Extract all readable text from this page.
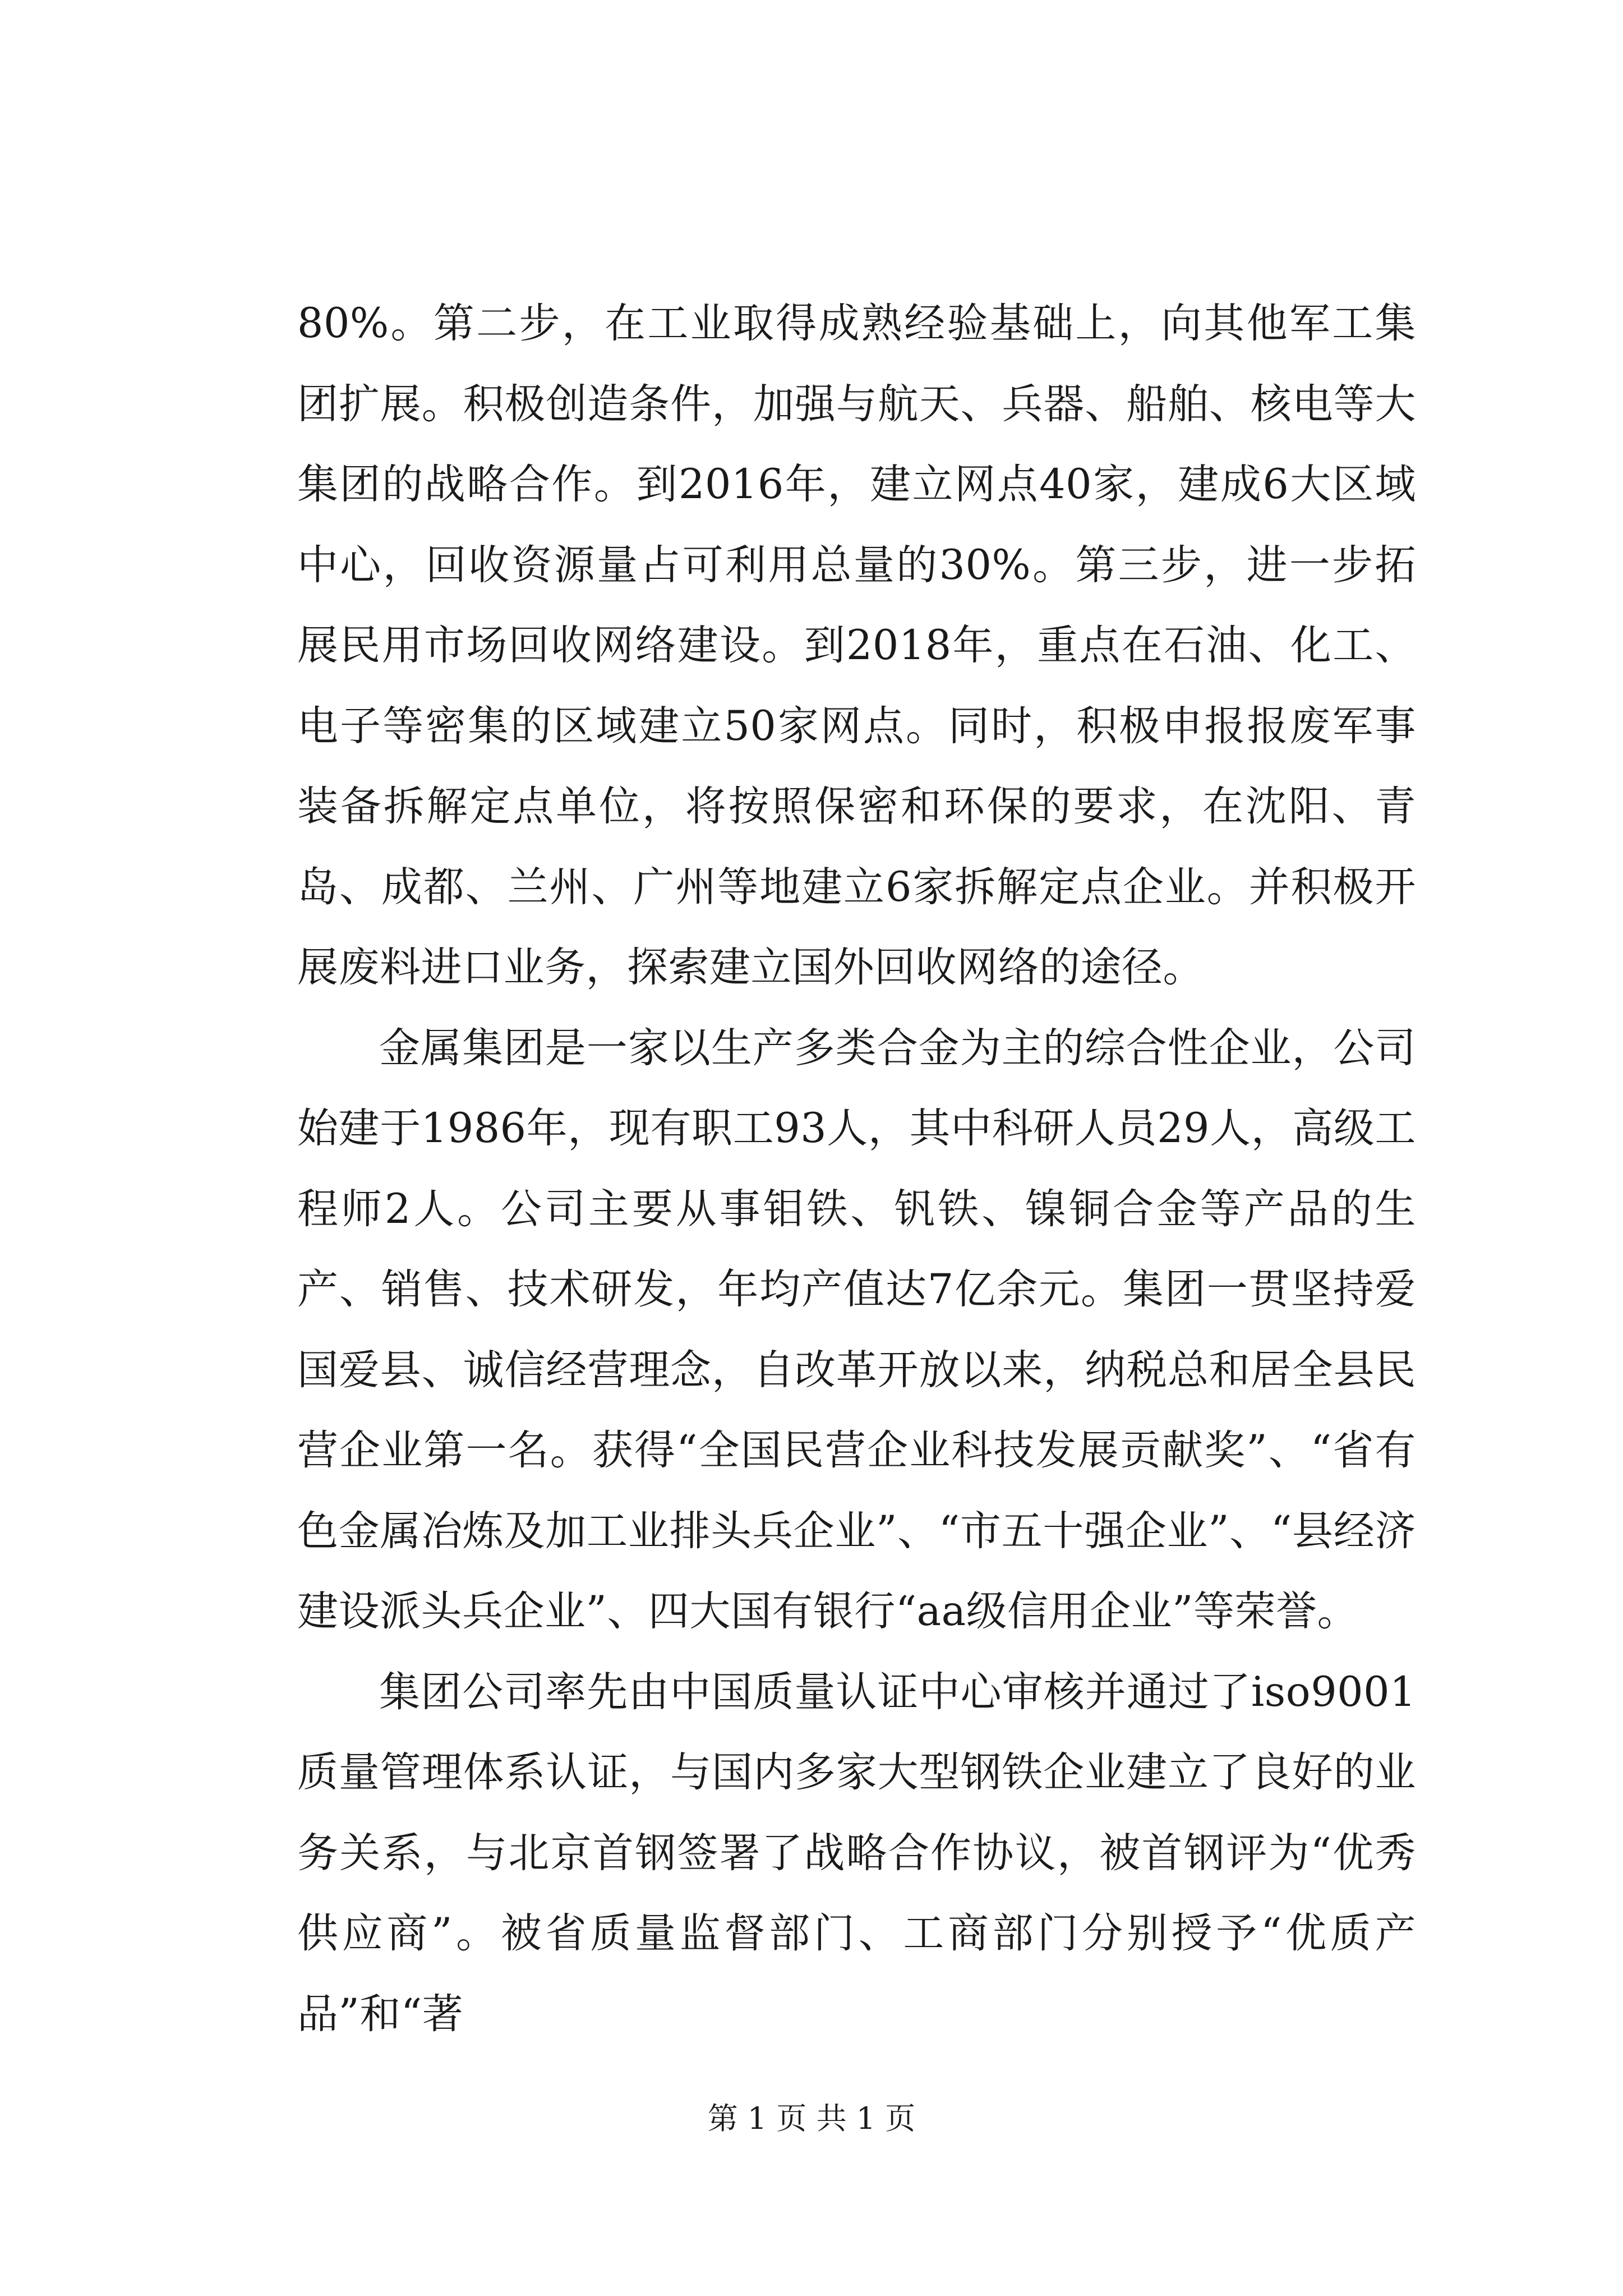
80%。第二步，在工业取得成熟经验基础上，向其他军工集团扩展。积极创造条件，加强与航天、兵器、船舶、核电等大集团的战略合作。到2016年，建立网点40家，建成6大区域中心，回收资源量占可利用总量的30%。第三步，进一步拓展民用市场回收网络建设。到2018年，重点在石油、化工、电子等密集的区域建立50家网点。同时，积极申报报废军事装备拆解定点单位，将按照保密和环保的要求，在沈阳、青岛、成都、兰州、广州等地建立6家拆解定点企业。并积极开展废料进口业务，探索建立国外回收网络的途径。

金属集团是一家以生产多类合金为主的综合性企业，公司始建于1986年，现有职工93人，其中科研人员29人，高级工程师2人。公司主要从事钼铁、钒铁、镍铜合金等产品的生产、销售、技术研发，年均产值达7亿余元。集团一贯坚持爱国爱县、诚信经营理念，自改革开放以来，纳税总和居全县民营企业第一名。获得“全国民营企业科技发展贡献奖”、“省有色金属冶炼及加工业排头兵企业”、“市五十强企业”、“县经济建设派头兵企业”、四大国有银行“aa级信用企业”等荣誉。

集团公司率先由中国质量认证中心审核并通过了iso9001质量管理体系认证，与国内多家大型钢铁企业建立了良好的业务关系，与北京首钢签署了战略合作协议，被首钢评为“优秀供应商”。被省质量监督部门、工商部门分别授予“优质产品”和“著

第 1 页 共 1 页
